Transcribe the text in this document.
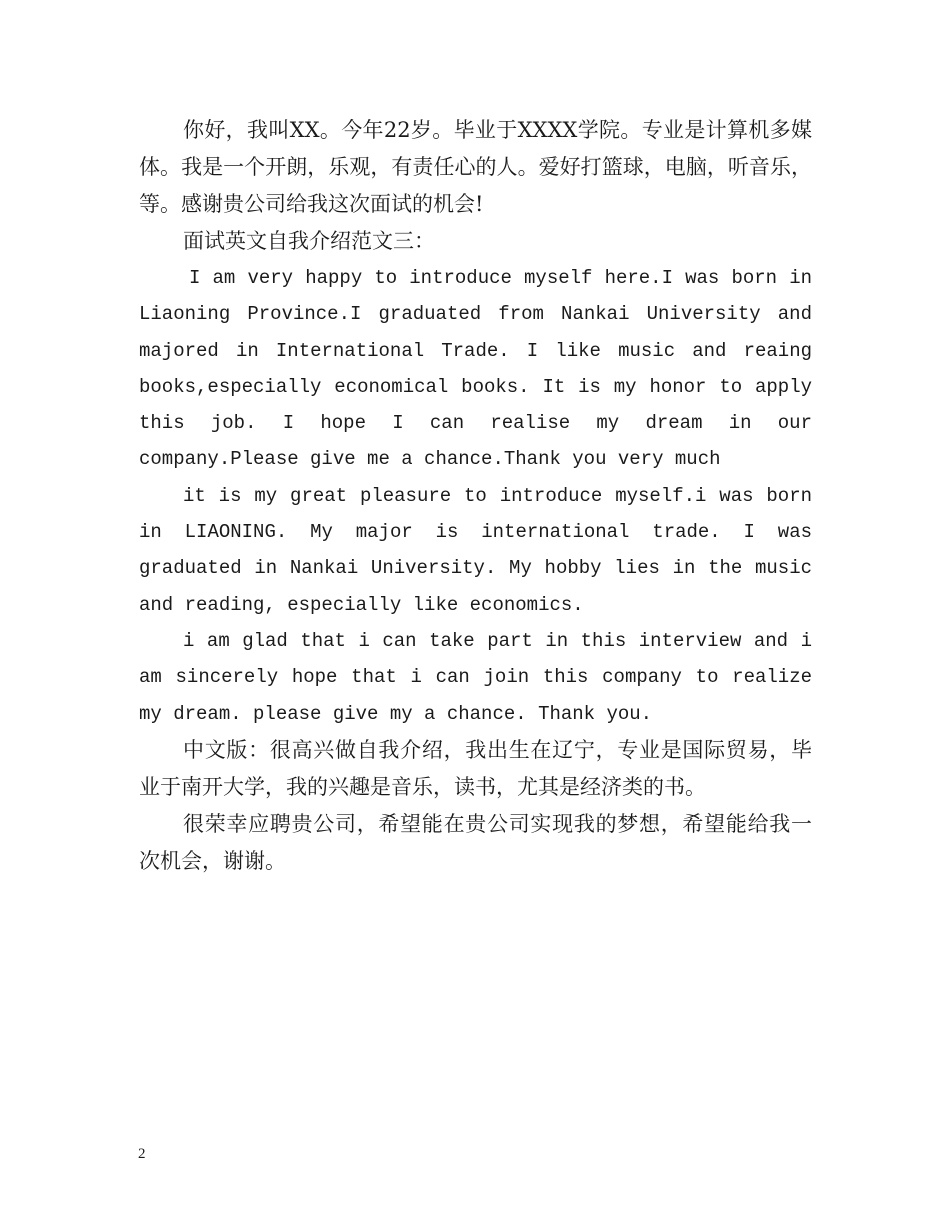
你好，我叫XX。今年22岁。毕业于XXXX学院。专业是计算机多媒体。我是一个开朗，乐观，有责任心的人。爱好打篮球，电脑，听音乐，等。感谢贵公司给我这次面试的机会!

面试英文自我介绍范文三：

I am very happy to introduce myself here.I was born in Liaoning Province.I graduated from Nankai University and majored in International Trade. I like music and reaing books,especially economical books. It is my honor to apply this job. I hope I can realise my dream in our company.Please give me a chance.Thank you very much

it is my great pleasure to introduce myself.i was born in LIAONING. My major is international trade. I was graduated in Nankai University. My hobby lies in the music and reading, especially like economics.

i am glad that i can take part in this interview and i am sincerely hope that i can join this company to realize my dream. please give my a chance. Thank you.

中文版：很高兴做自我介绍，我出生在辽宁，专业是国际贸易，毕业于南开大学，我的兴趣是音乐，读书，尤其是经济类的书。

很荣幸应聘贵公司，希望能在贵公司实现我的梦想，希望能给我一次机会，谢谢。

2
